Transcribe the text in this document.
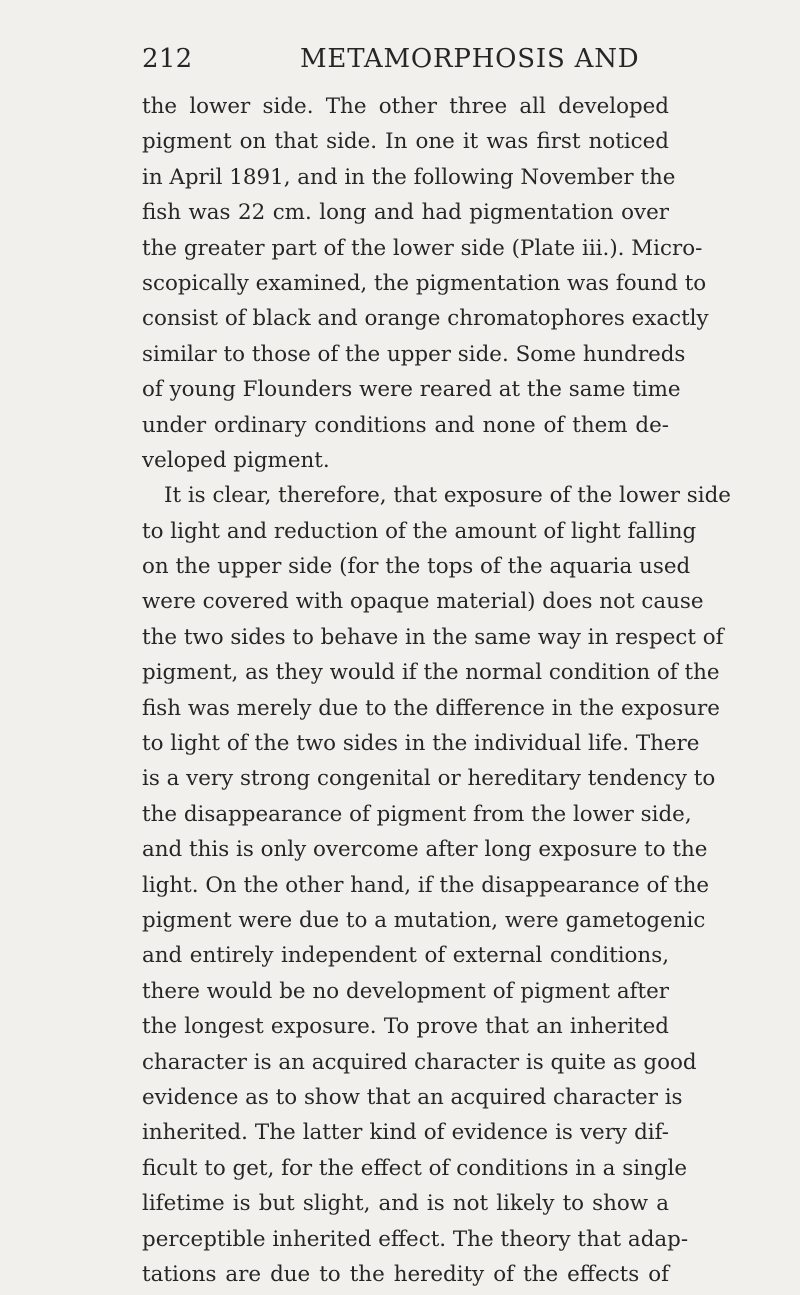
212	METAMORPHOSIS AND
the lower side. The other three all developed
pigment on that side. In one it was first noticed
in April 1891, and in the following November the
fish was 22 cm. long and had pigmentation over
the greater part of the lower side (Plate iii.). Micro-
scopically examined, the pigmentation was found to
consist of black and orange chromatophores exactly
similar to those of the upper side. Some hundreds
of young Flounders were reared at the same time
under ordinary conditions and none of them de-
veloped pigment.
It is clear, therefore, that exposure of the lower side
to light and reduction of the amount of light falling
on the upper side (for the tops of the aquaria used
were covered with opaque material) does not cause
the two sides to behave in the same way in respect of
pigment, as they would if the normal condition of the
fish was merely due to the difference in the exposure
to light of the two sides in the individual life. There
is a very strong congenital or hereditary tendency to
the disappearance of pigment from the lower side,
and this is only overcome after long exposure to the
light. On the other hand, if the disappearance of the
pigment were due to a mutation, were gametogenic
and entirely independent of external conditions,
there would be no development of pigment after
the longest exposure. To prove that an inherited
character is an acquired character is quite as good
evidence as to show that an acquired character is
inherited. The latter kind of evidence is very dif-
ficult to get, for the effect of conditions in a single
lifetime is but slight, and is not likely to show a
perceptible inherited effect. The theory that adap-
tations are due to the heredity of the effects of
